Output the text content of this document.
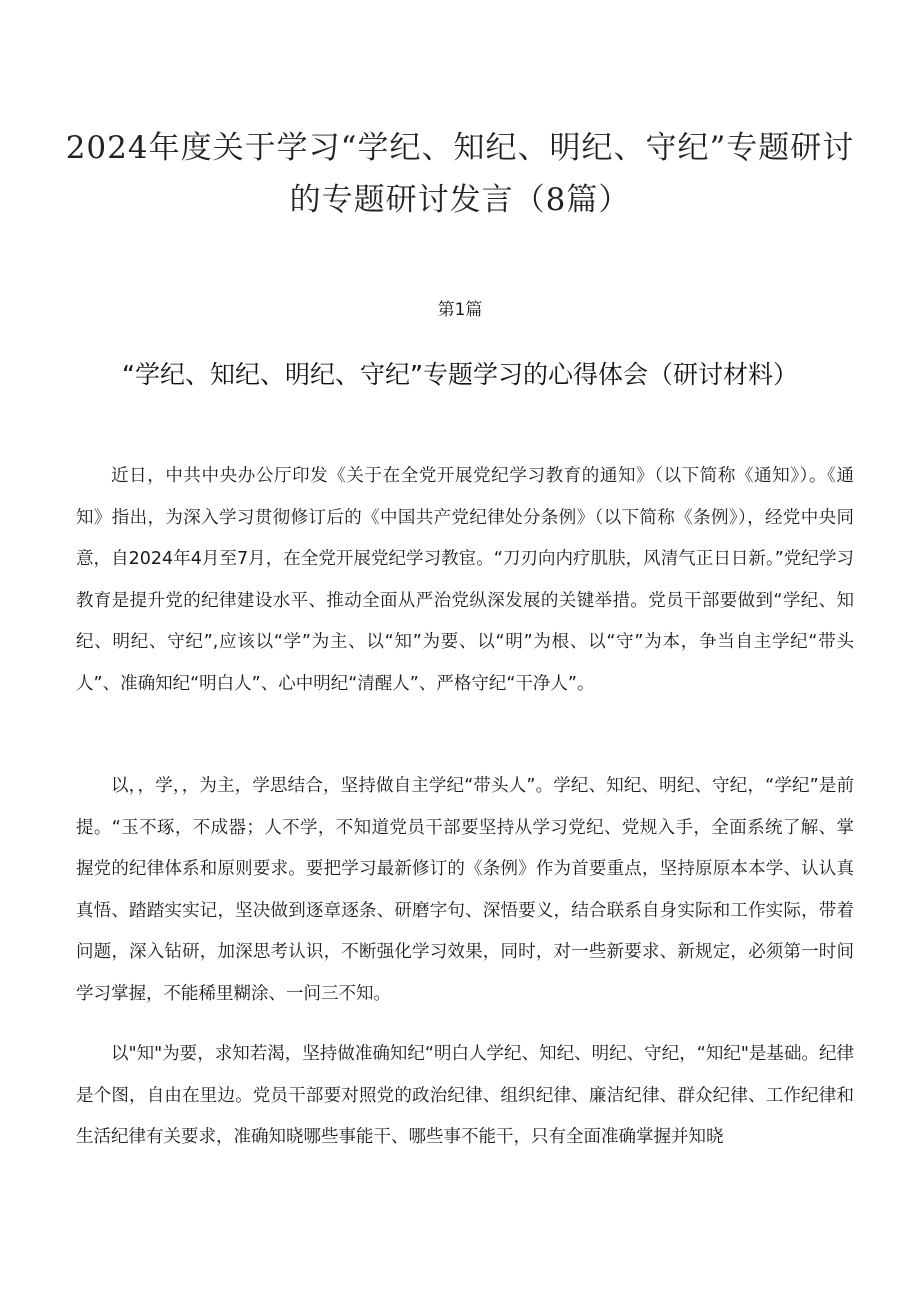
2024年度关于学习“学纪、知纪、明纪、守纪”专题研讨的专题研讨发言（8篇）
第1篇
“学纪、知纪、明纪、守纪”专题学习的心得体会（研讨材料）

近日，中共中央办公厅印发《关于在全党开展党纪学习教育的通知》（以下简称《通知》）。《通知》指出，为深入学习贯彻修订后的《中国共产党纪律处分条例》（以下简称《条例》），经党中央同意，自2024年4月至7月，在全党开展党纪学习教宦。“刀刃向内疗肌肤，风清气正日日新。”党纪学习教育是提升党的纪律建设水平、推动全面从严治党纵深发展的关键举措。党员干部要做到“学纪、知纪、明纪、守纪”,应该以“学”为主、以“知”为要、以“明”为根、以“守”为本，争当自主学纪“带头人”、准确知纪“明白人”、心中明纪“清醒人”、严格守纪“干净人”。

以，，学，，为主，学思结合，坚持做自主学纪“带头人”。学纪、知纪、明纪、守纪，“学纪”是前提。“玉不琢，不成器；人不学，不知道党员干部要坚持从学习党纪、党规入手，全面系统了解、掌握党的纪律体系和原则要求。要把学习最新修订的《条例》作为首要重点，坚持原原本本学、认认真真悟、踏踏实实记，坚决做到逐章逐条、研磨字句、深悟要义，结合联系自身实际和工作实际，带着问题，深入钻研，加深思考认识，不断强化学习效果，同时，对一些新要求、新规定，必须第一时间学习掌握，不能稀里糊涂、一问三不知。

以"知"为要，求知若渴，坚持做准确知纪“明白人学纪、知纪、明纪、守纪，“知纪"是基础。纪律是个图，自由在里边。党员干部要对照党的政治纪律、组织纪律、廉洁纪律、群众纪律、工作纪律和生活纪律有关要求，准确知晓哪些事能干、哪些事不能干，只有全面准确掌握并知晓
